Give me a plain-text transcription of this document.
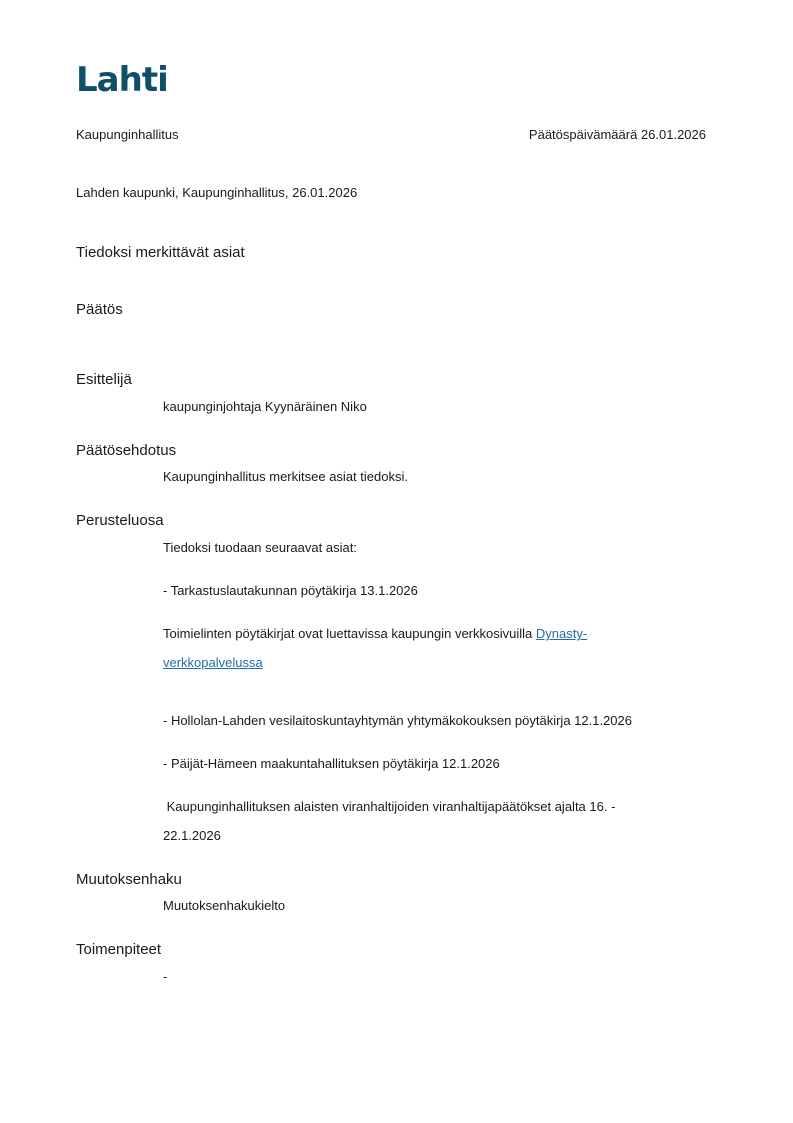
Lahti
Kaupunginhallitus	Päätöspäivämäärä 26.01.2026
Lahden kaupunki, Kaupunginhallitus, 26.01.2026
Tiedoksi merkittävät asiat
Päätös
Esittelijä
kaupunginjohtaja Kyynäräinen Niko
Päätösehdotus
Kaupunginhallitus merkitsee asiat tiedoksi.
Perusteluosa
Tiedoksi tuodaan seuraavat asiat:
- Tarkastuslautakunnan pöytäkirja 13.1.2026
Toimielinten pöytäkirjat ovat luettavissa kaupungin verkkosivuilla Dynasty-
verkkopalvelussa
- Hollolan-Lahden vesilaitoskuntayhtymän yhtymäkokouksen pöytäkirja 12.1.2026
- Päijät-Hämeen maakuntahallituksen pöytäkirja 12.1.2026
Kaupunginhallituksen alaisten viranhaltijoiden viranhaltijapäätökset ajalta 16. -
22.1.2026
Muutoksenhaku
Muutoksenhakukielto
Toimenpiteet
-
